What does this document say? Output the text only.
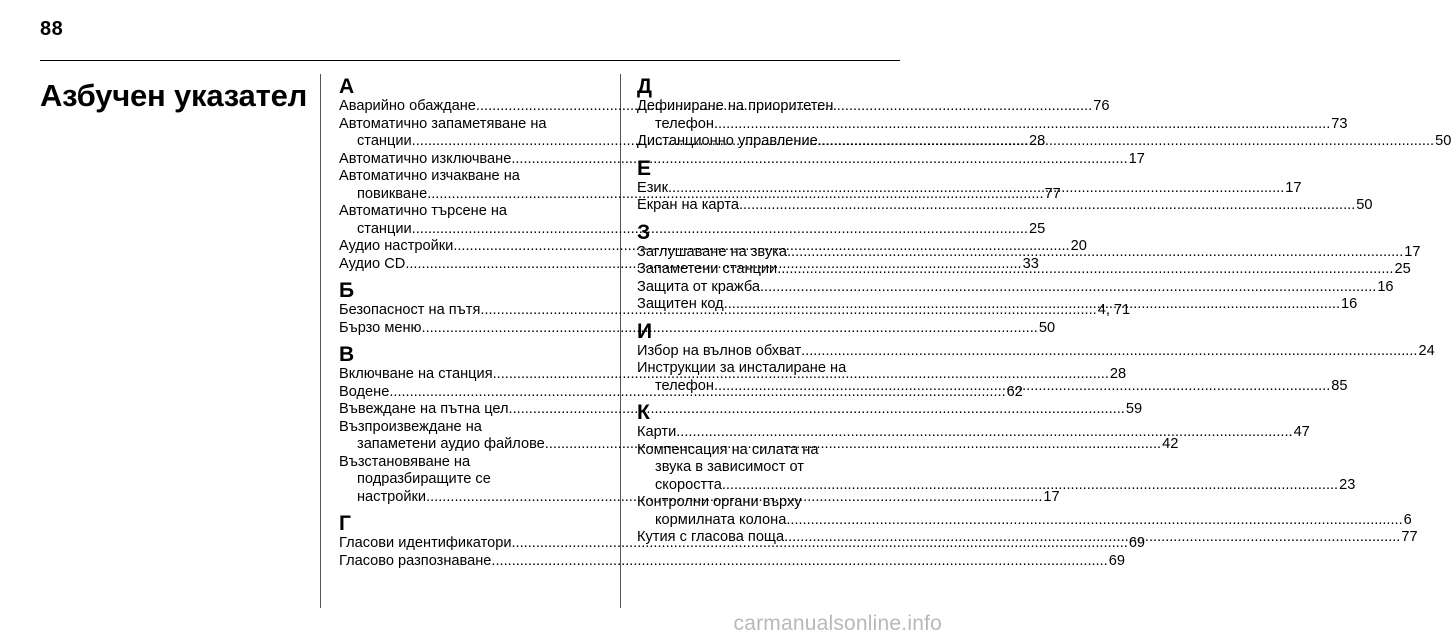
88
Азбучен указател А
Аварийно обаждане .....	76
Автоматично запаметяване на
станции .....	28
Автоматично изключване .....	17
Автоматично изчакване на
повикване .....	77
Автоматично търсене на
станции .....	25
Аудио настройки .....	20
Аудио CD .....	33
Б
Безопасност на пътя .....	4, 71
Бързо меню .....	50
В
Включване на станция .....	28
Водене .....	62
Въвеждане на пътна цел .....	59
Възпроизвеждане на
запаметени аудио файлове .....	42
Възстановяване на
подразбиращите се
настройки .....	17
Г
Гласови идентификатори .....	69
Гласово разпознаване .....	69
Д
Дефиниране на приоритетен
телефон .....	73
Дистанционно управление .....	50
Е
Език .....	17
Екран на карта .....	50
З
Заглушаване на звука .....	17
Запаметени станции .....	25
Защита от кражба .....	16
Защитен код .....	16
И
Избор на вълнов обхват .....	24
Инструкции за инсталиране на
телефон .....	85
К
Карти .....	47
Компенсация на силата на
звука в зависимост от
скоростта .....	23
Контролни органи върху
кормилната колона .....	6
Кутия с гласова поща .....	77
carmanualsonline.info
